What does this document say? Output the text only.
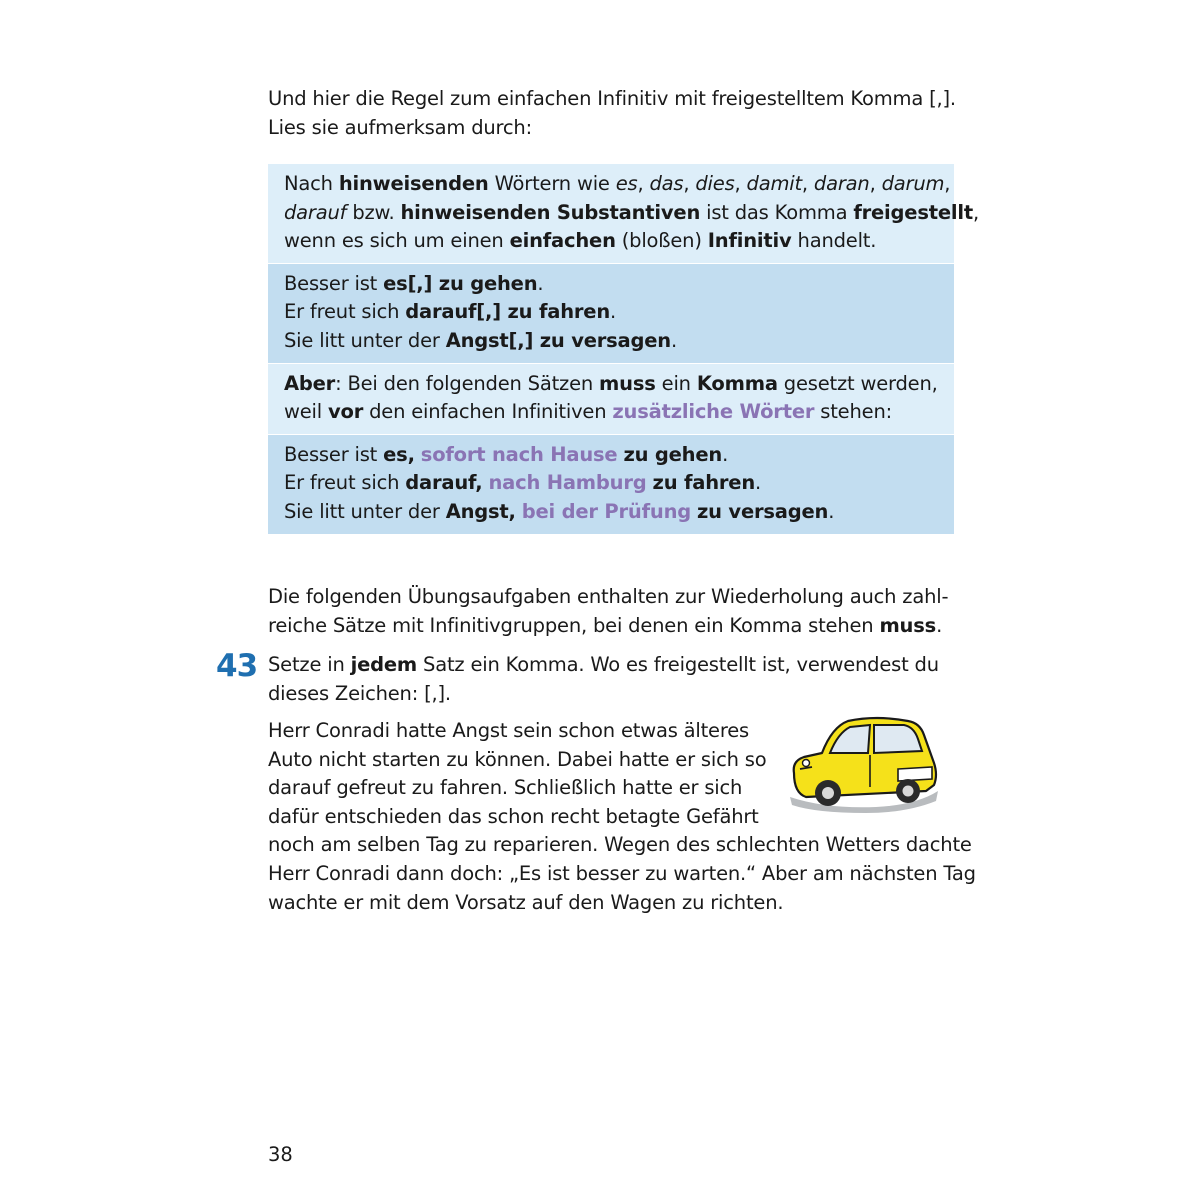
Und hier die Regel zum einfachen Infinitiv mit freigestelltem Komma [,].
Lies sie aufmerksam durch:
Nach hinweisenden Wörtern wie es, das, dies, damit, daran, darum,
darauf bzw. hinweisenden Substantiven ist das Komma freigestellt,
wenn es sich um einen einfachen (bloßen) Infinitiv handelt.
Besser ist es[,] zu gehen.
Er freut sich darauf[,] zu fahren.
Sie litt unter der Angst[,] zu versagen.
Aber: Bei den folgenden Sätzen muss ein Komma gesetzt werden,
weil vor den einfachen Infinitiven zusätzliche Wörter stehen:
Besser ist es, sofort nach Hause zu gehen.
Er freut sich darauf, nach Hamburg zu fahren.
Sie litt unter der Angst, bei der Prüfung zu versagen.
Die folgenden Übungsaufgaben enthalten zur Wiederholung auch zahl-
reiche Sätze mit Infinitivgruppen, bei denen ein Komma stehen muss.
43 Setze in jedem Satz ein Komma. Wo es freigestellt ist, verwendest du
dieses Zeichen: [,].
Herr Conradi hatte Angst sein schon etwas älteres
Auto nicht starten zu können. Dabei hatte er sich so
darauf gefreut zu fahren. Schließlich hatte er sich
dafür entschieden das schon recht betagte Gefährt
noch am selben Tag zu reparieren. Wegen des schlechten Wetters dachte
Herr Conradi dann doch: „Es ist besser zu warten.“ Aber am nächsten Tag
wachte er mit dem Vorsatz auf den Wagen zu richten.
38
